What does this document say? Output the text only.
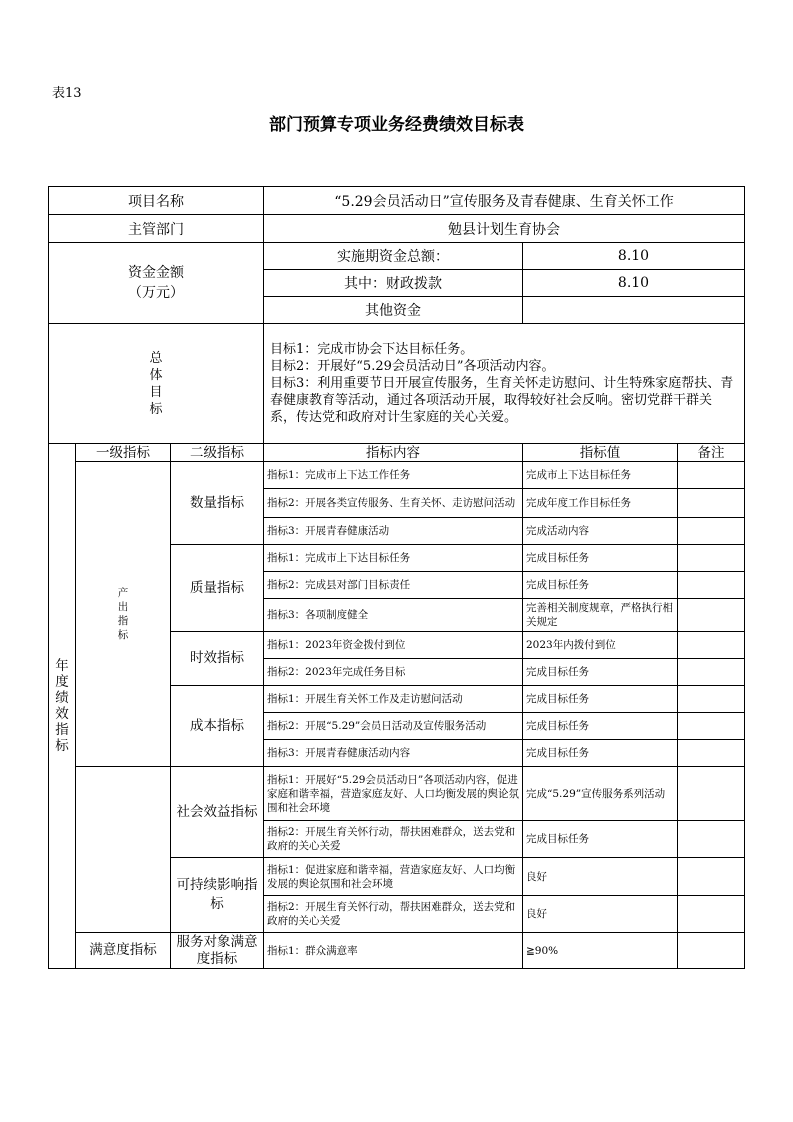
表13
部门预算专项业务经费绩效目标表
项目名称	“5.29会员活动日”宣传服务及青春健康、生育关怀工作	
主管部门	勉县计划生育协会	

资金金额
（万元）	实施期资金总额：	8.10
	其中：财政拨款	8.10
	其他资金	
总体目标	目标1：完成市协会下达目标任务。
目标2：开展好“5.29会员活动日”各项活动内容。
目标3：利用重要节日开展宣传服务，生育关怀走访慰问、计生特殊家庭帮扶、青春健康教育等活动，通过各项活动开展，取得较好社会反响。密切党群干群关系，传达党和政府对计生家庭的关心关爱。	
年度绩效指标	一级指标	二级指标	指标内容	指标值	备注
	产出指标	数量指标	指标1：完成市上下达工作任务	完成市上下达目标任务	
			指标2：开展各类宣传服务、生育关怀、走访慰问活动	完成年度工作目标任务	
			指标3：开展青春健康活动	完成活动内容	
		质量指标	指标1：完成市上下达目标任务	完成目标任务	
			指标2：完成县对部门目标责任	完成目标任务	
			指标3：各项制度健全	完善相关制度规章，严格执行相关规定	
		时效指标	指标1：2023年资金拨付到位	2023年内拨付到位	
			指标2：2023年完成任务目标	完成目标任务	
		成本指标	指标1：开展生育关怀工作及走访慰问活动	完成目标任务	
			指标2：开展“5.29”会员日活动及宣传服务活动	完成目标任务	
			指标3：开展青春健康活动内容	完成目标任务	
		社会效益指标	指标1：开展好“5.29会员活动日”各项活动内容，促进家庭和谐幸福，营造家庭友好、人口均衡发展的舆论氛围和社会环境	完成“5.29”宣传服务系列活动	
			指标2：开展生育关怀行动，帮扶困难群众，送去党和政府的关心关爱	完成目标任务	
		可持续影响指标	指标1：促进家庭和谐幸福，营造家庭友好、人口均衡发展的舆论氛围和社会环境	良好	
			指标2：开展生育关怀行动，帮扶困难群众，送去党和政府的关心关爱	良好	
	满意度指标	服务对象满意度指标	指标1：群众满意率	≧90%	
